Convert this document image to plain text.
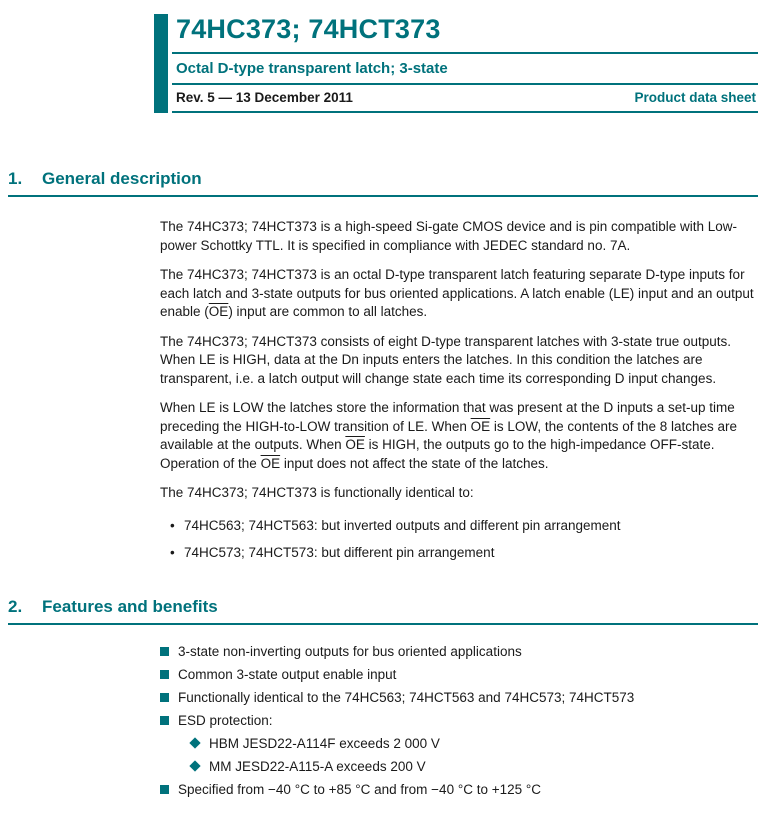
74HC373; 74HCT373
Octal D-type transparent latch; 3-state
Rev. 5 — 13 December 2011	Product data sheet
1.	General description

The 74HC373; 74HCT373 is a high-speed Si-gate CMOS device and is pin compatible with Low-power Schottky TTL. It is specified in compliance with JEDEC standard no. 7A.

The 74HC373; 74HCT373 is an octal D-type transparent latch featuring separate D-type inputs for each latch and 3-state outputs for bus oriented applications. A latch enable (LE) input and an output enable $(\overline{OE})$ input are common to all latches.

The 74HC373; 74HCT373 consists of eight D-type transparent latches with 3-state true outputs. When LE is HIGH, data at the Dn inputs enters the latches. In this condition the latches are transparent, i.e. a latch output will change state each time its corresponding D input changes.

When LE is LOW the latches store the information that was present at the D inputs a set-up time preceding the HIGH-to-LOW transition of LE. When $\overline{OE}$ is LOW, the contents of the 8 latches are available at the outputs. When $\overline{OE}$ is HIGH, the outputs go to the high-impedance OFF-state. Operation of the $\overline{OE}$ input does not affect the state of the latches.

The 74HC373; 74HCT373 is functionally identical to:

• 74HC563; 74HCT563: but inverted outputs and different pin arrangement
• 74HC573; 74HCT573: but different pin arrangement
2.	Features and benefits
3-state non-inverting outputs for bus oriented applications
Common 3-state output enable input
Functionally identical to the 74HC563; 74HCT563 and 74HC573; 74HCT573
ESD protection:
HBM JESD22-A114F exceeds 2 000 V
MM JESD22-A115-A exceeds 200 V
Specified from −40 °C to +85 °C and from −40 °C to +125 °C
